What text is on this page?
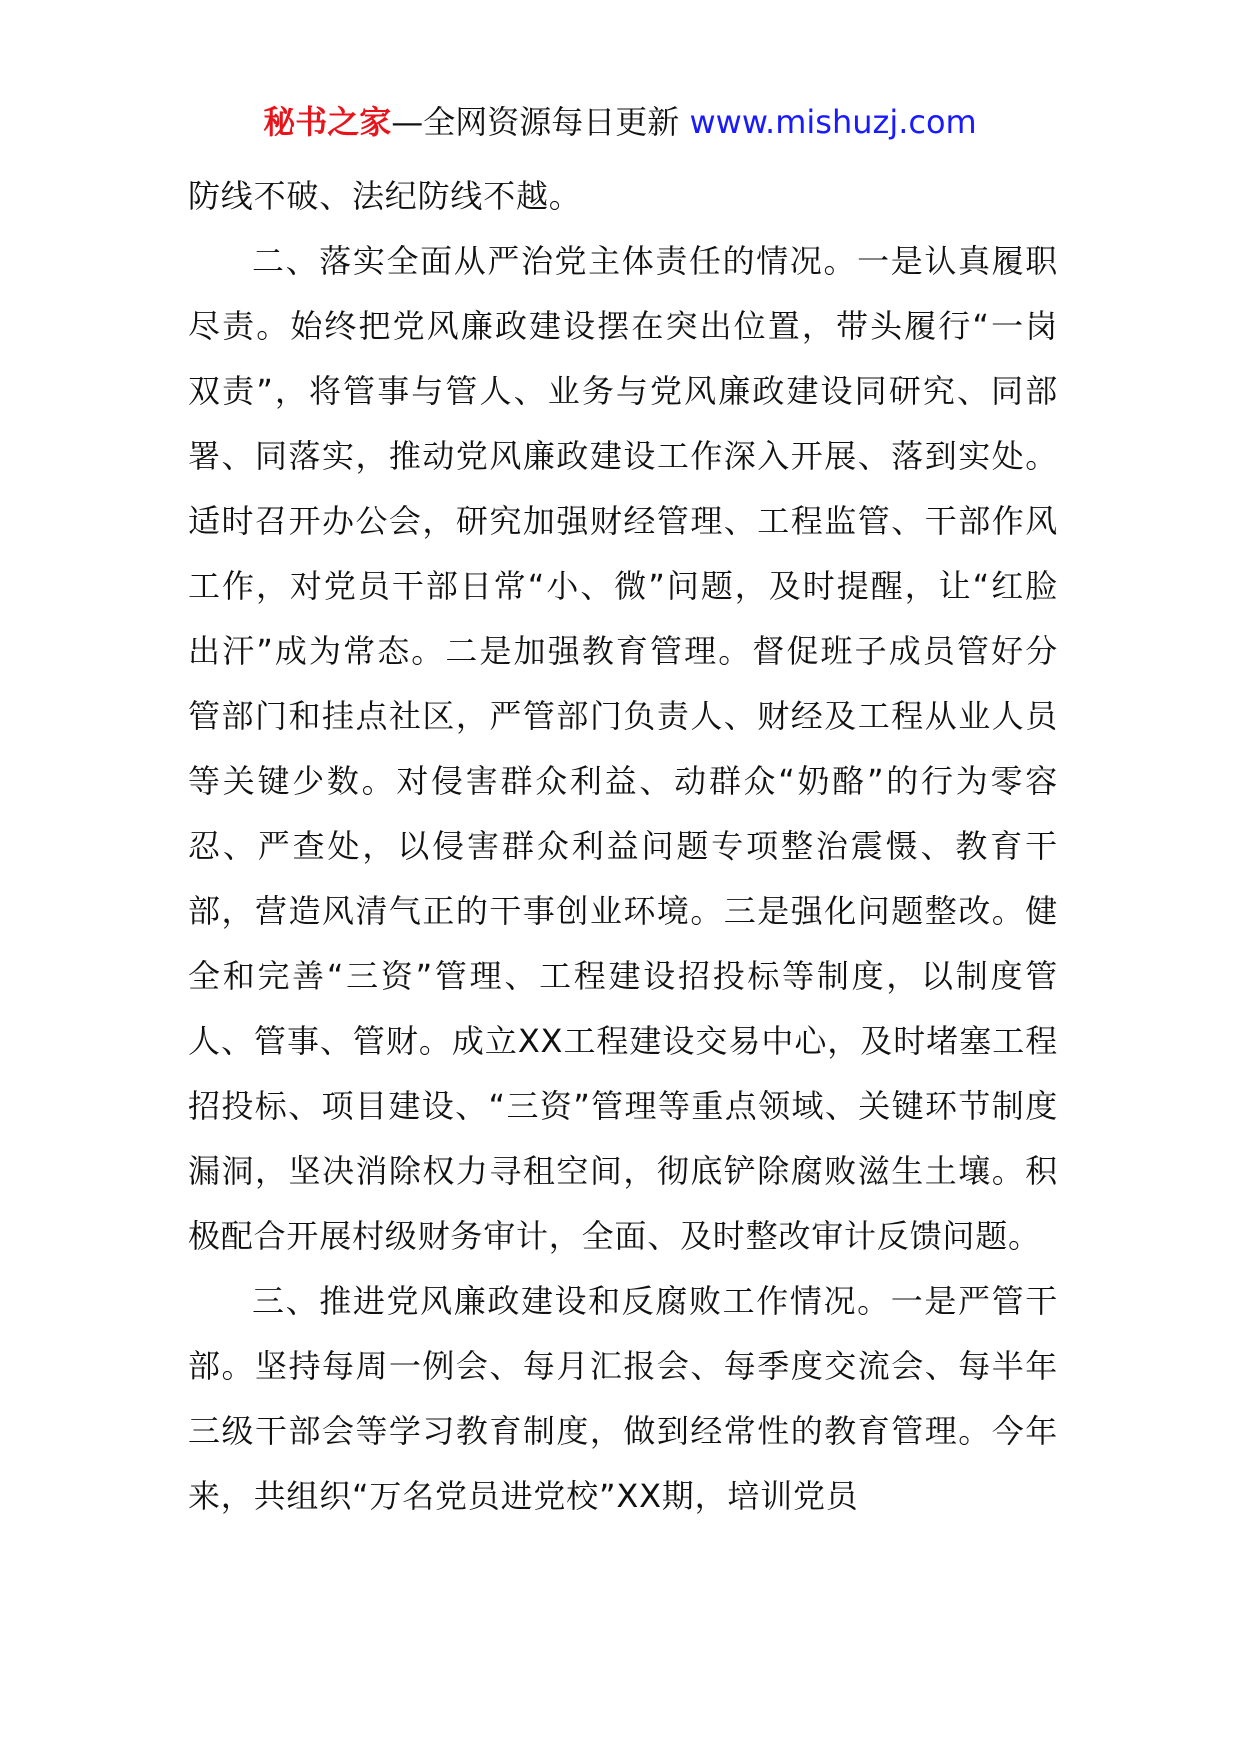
秘书之家—全网资源每日更新 www.mishuzj.com

防线不破、法纪防线不越。

二、落实全面从严治党主体责任的情况。一是认真履职尽责。始终把党风廉政建设摆在突出位置，带头履行“一岗双责”，将管事与管人、业务与党风廉政建设同研究、同部署、同落实，推动党风廉政建设工作深入开展、落到实处。适时召开办公会，研究加强财经管理、工程监管、干部作风工作，对党员干部日常“小、微”问题，及时提醒，让“红脸出汗”成为常态。二是加强教育管理。督促班子成员管好分管部门和挂点社区，严管部门负责人、财经及工程从业人员等关键少数。对侵害群众利益、动群众“奶酪”的行为零容忍、严查处，以侵害群众利益问题专项整治震慑、教育干部，营造风清气正的干事创业环境。三是强化问题整改。健全和完善“三资”管理、工程建设招投标等制度，以制度管人、管事、管财。成立XX工程建设交易中心，及时堵塞工程招投标、项目建设、“三资”管理等重点领域、关键环节制度漏洞，坚决消除权力寻租空间，彻底铲除腐败滋生土壤。积极配合开展村级财务审计，全面、及时整改审计反馈问题。

三、推进党风廉政建设和反腐败工作情况。一是严管干部。坚持每周一例会、每月汇报会、每季度交流会、每半年三级干部会等学习教育制度，做到经常性的教育管理。今年来，共组织“万名党员进党校”XX期，培训党员
